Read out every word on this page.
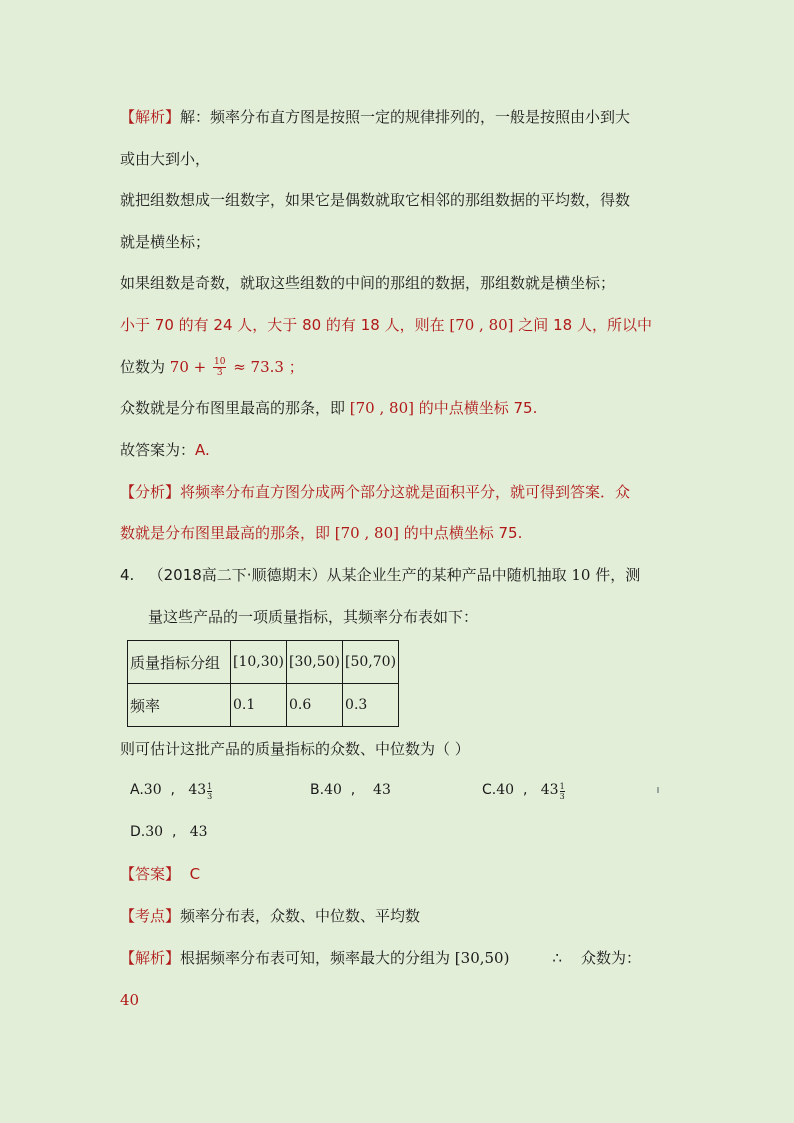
【解析】解：频率分布直方图是按照一定的规律排列的，一般是按照由小到大
或由大到小，
就把组数想成一组数字，如果它是偶数就取它相邻的那组数据的平均数，得数
就是横坐标；
如果组数是奇数，就取这些组数的中间的那组的数据，那组数就是横坐标；
小于 70 的有 24 人，大于 80 的有 18 人，则在 [70 , 80] 之间 18 人，所以中
位数为 $70 + \frac{10}{3} \approx 73.3$ ；
众数就是分布图里最高的那条，即 [70 , 80] 的中点横坐标 75.
故答案为：A.
【分析】将频率分布直方图分成两个部分这就是面积平分，就可得到答案．众
数就是分布图里最高的那条，即 [70 , 80] 的中点横坐标 75.
4. （2018高二下·顺德期末）从某企业生产的某种产品中随机抽取 10 件，测
量这些产品的一项质量指标，其频率分布表如下：
质量指标分组	[10,30)	[30,50)	[50,70)
频率	0.1	0.6	0.3
则可估计这批产品的质量指标的众数、中位数为（ ）
A.30  ,   $43 \frac{1}{3}$	B.40  ,    43	C.40  ,   $43 \frac{1}{3}$
D.30  ,   43
【答案】 C
【考点】频率分布表，众数、中位数、平均数
【解析】根据频率分布表可知，频率最大的分组为 [30,50)	∴ 众数为：
40
